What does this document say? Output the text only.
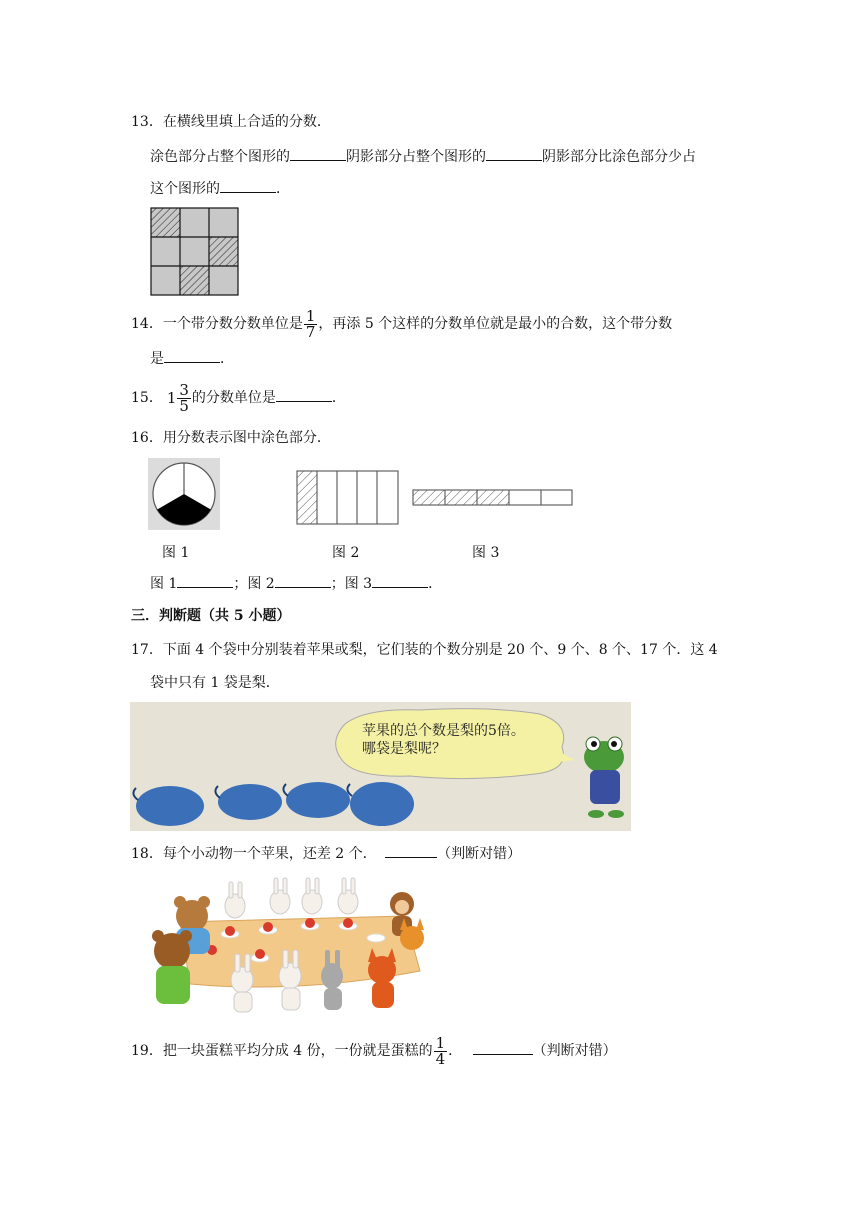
13．在横线里填上合适的分数．
涂色部分占整个图形的	阴影部分占整个图形的	阴影部分比涂色部分少占
这个图形的	．
14．一个带分数分数单位是 $\frac{1}{7}$ ，再添 5 个这样的分数单位就是最小的合数，这个带分数
是	．
15． $1 \frac{3}{5}$ 的分数单位是	．
16．用分数表示图中涂色部分．
图 1	图 2	图 3
图 1	；图 2	；图 3	．
三．判断题（共 5 小题）
17．下面 4 个袋中分别装着苹果或梨，它们装的个数分别是 20 个、9 个、8 个、17 个．这 4
袋中只有 1 袋是梨．
苹果的总个数是梨的5倍。
哪袋是梨呢？
18．每个小动物一个苹果，还差 2 个．	（判断对错）
19．把一块蛋糕平均分成 4 份，一份就是蛋糕的 $\frac{1}{4}$ ．	（判断对错）
